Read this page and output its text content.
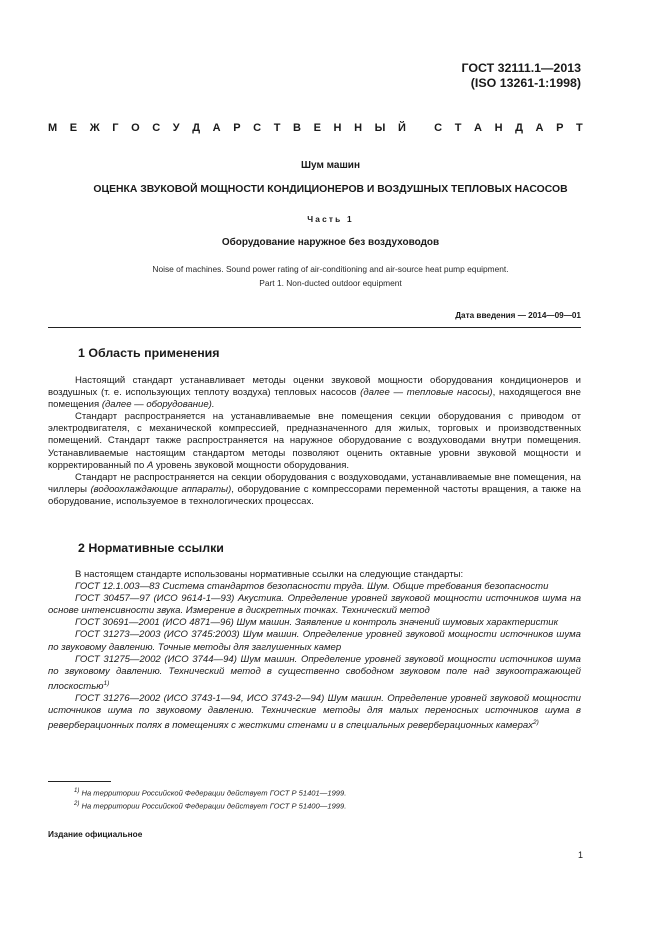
ГОСТ 32111.1—2013
(ISO 13261-1:1998)
М Е Ж Г О С У Д А Р С Т В Е Н Н Ы Й
	С Т А Н Д А Р Т
Шум машин
ОЦЕНКА ЗВУКОВОЙ МОЩНОСТИ КОНДИЦИОНЕРОВ И ВОЗДУШНЫХ ТЕПЛОВЫХ НАСОСОВ
Часть 1
Оборудование наружное без воздуховодов
Noise of machines. Sound power rating of air-conditioning and air-source heat pump equipment.
Part 1. Non-ducted outdoor equipment
Дата введения — 2014—09—01
1 Область применения

Настоящий стандарт устанавливает методы оценки звуковой мощности оборудования кондиционеров и воздушных (т. е. использующих теплоту воздуха) тепловых насосов (далее — тепловые насосы), находящегося вне помещения (далее — оборудование).

Стандарт распространяется на устанавливаемые вне помещения секции оборудования с приводом от электродвигателя, с механической компрессией, предназначенного для жилых, торговых и производственных помещений. Стандарт также распространяется на наружное оборудование с воздуховодами внутри помещения. Устанавливаемые настоящим стандартом методы позволяют оценить октавные уровни звуковой мощности и корректированный по А уровень звуковой мощности оборудования.

Стандарт не распространяется на секции оборудования с воздуховодами, устанавливаемые вне помещения, на чиллеры (водоохлаждающие аппараты), оборудование с компрессорами переменной частоты вращения, а также на оборудование, используемое в технологических процессах.

2 Нормативные ссылки

В настоящем стандарте использованы нормативные ссылки на следующие стандарты:

ГОСТ 12.1.003—83 Система стандартов безопасности труда. Шум. Общие требования безопасности

ГОСТ 30457—97 (ИСО 9614-1—93) Акустика. Определение уровней звуковой мощности источников шума на основе интенсивности звука. Измерение в дискретных точках. Технический метод

ГОСТ 30691—2001 (ИСО 4871—96) Шум машин. Заявление и контроль значений шумовых характеристик

ГОСТ 31273—2003 (ИСО 3745:2003) Шум машин. Определение уровней звуковой мощности источников шума по звуковому давлению. Точные методы для заглушенных камер

ГОСТ 31275—2002 (ИСО 3744—94) Шум машин. Определение уровней звуковой мощности источников шума по звуковому давлению. Технический метод в существенно свободном звуковом поле над звукоотражающей плоскостью$^{1)}$

ГОСТ 31276—2002 (ИСО 3743-1—94, ИСО 3743-2—94) Шум машин. Определение уровней звуковой мощности источников шума по звуковому давлению. Технические методы для малых переносных источников шума в реверберационных полях в помещениях с жесткими стенами и в специальных реверберационных камерах$^{2)}$

$^{1)}$ На территории Российской Федерации действует ГОСТ Р 51401—1999.
$^{2)}$ На территории Российской Федерации действует ГОСТ Р 51400—1999.
Издание официальное
1
